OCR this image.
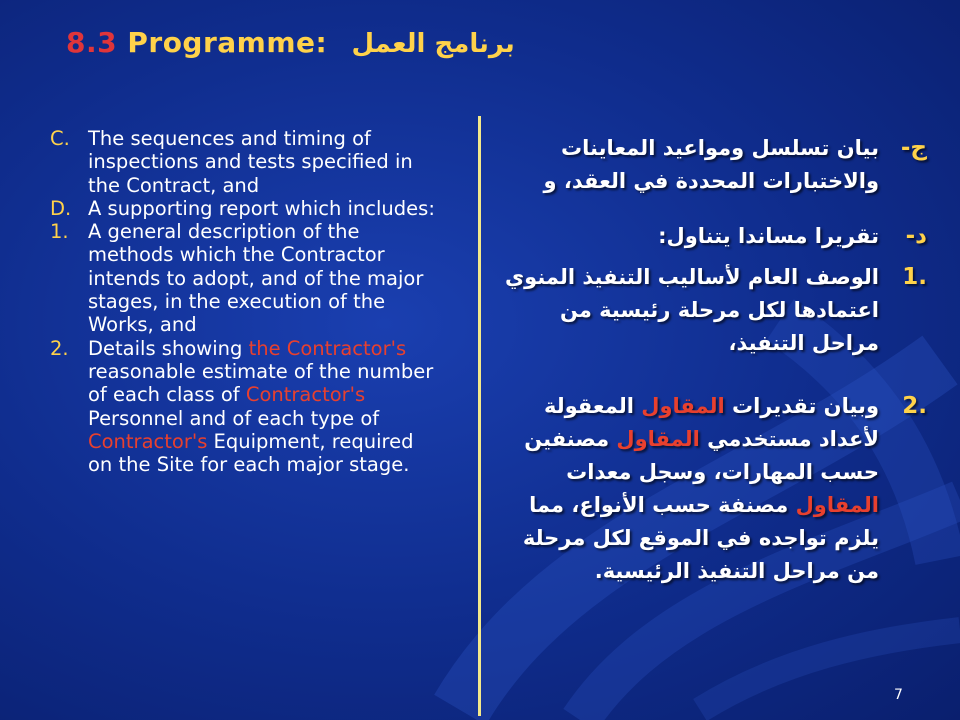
8.3 Programme: برنامج العمل
C. The sequences and timing of inspections and tests specified in the Contract, and
D. A supporting report which includes:
1. A general description of the methods which the Contractor intends to adopt, and of the major stages, in the execution of the Works, and
2. Details showing the Contractor's reasonable estimate of the number of each class of Contractor's Personnel and of each type of Contractor's Equipment, required on the Site for each major stage.
ج-
بيان تسلسل ومواعيد المعاينات والاختبارات المحددة في العقد، و
د-
تقريرا مساندا يتناول:
.1
الوصف العام لأساليب التنفيذ المنوي اعتمادها لكل مرحلة رئيسية من مراحل التنفيذ،
.2
وبيان تقديرات المقاول المعقولة لأعداد مستخدمي المقاول مصنفين حسب المهارات، وسجل معدات المقاول مصنفة حسب الأنواع، مما يلزم تواجده في الموقع لكل مرحلة من مراحل التنفيذ الرئيسية.
7
